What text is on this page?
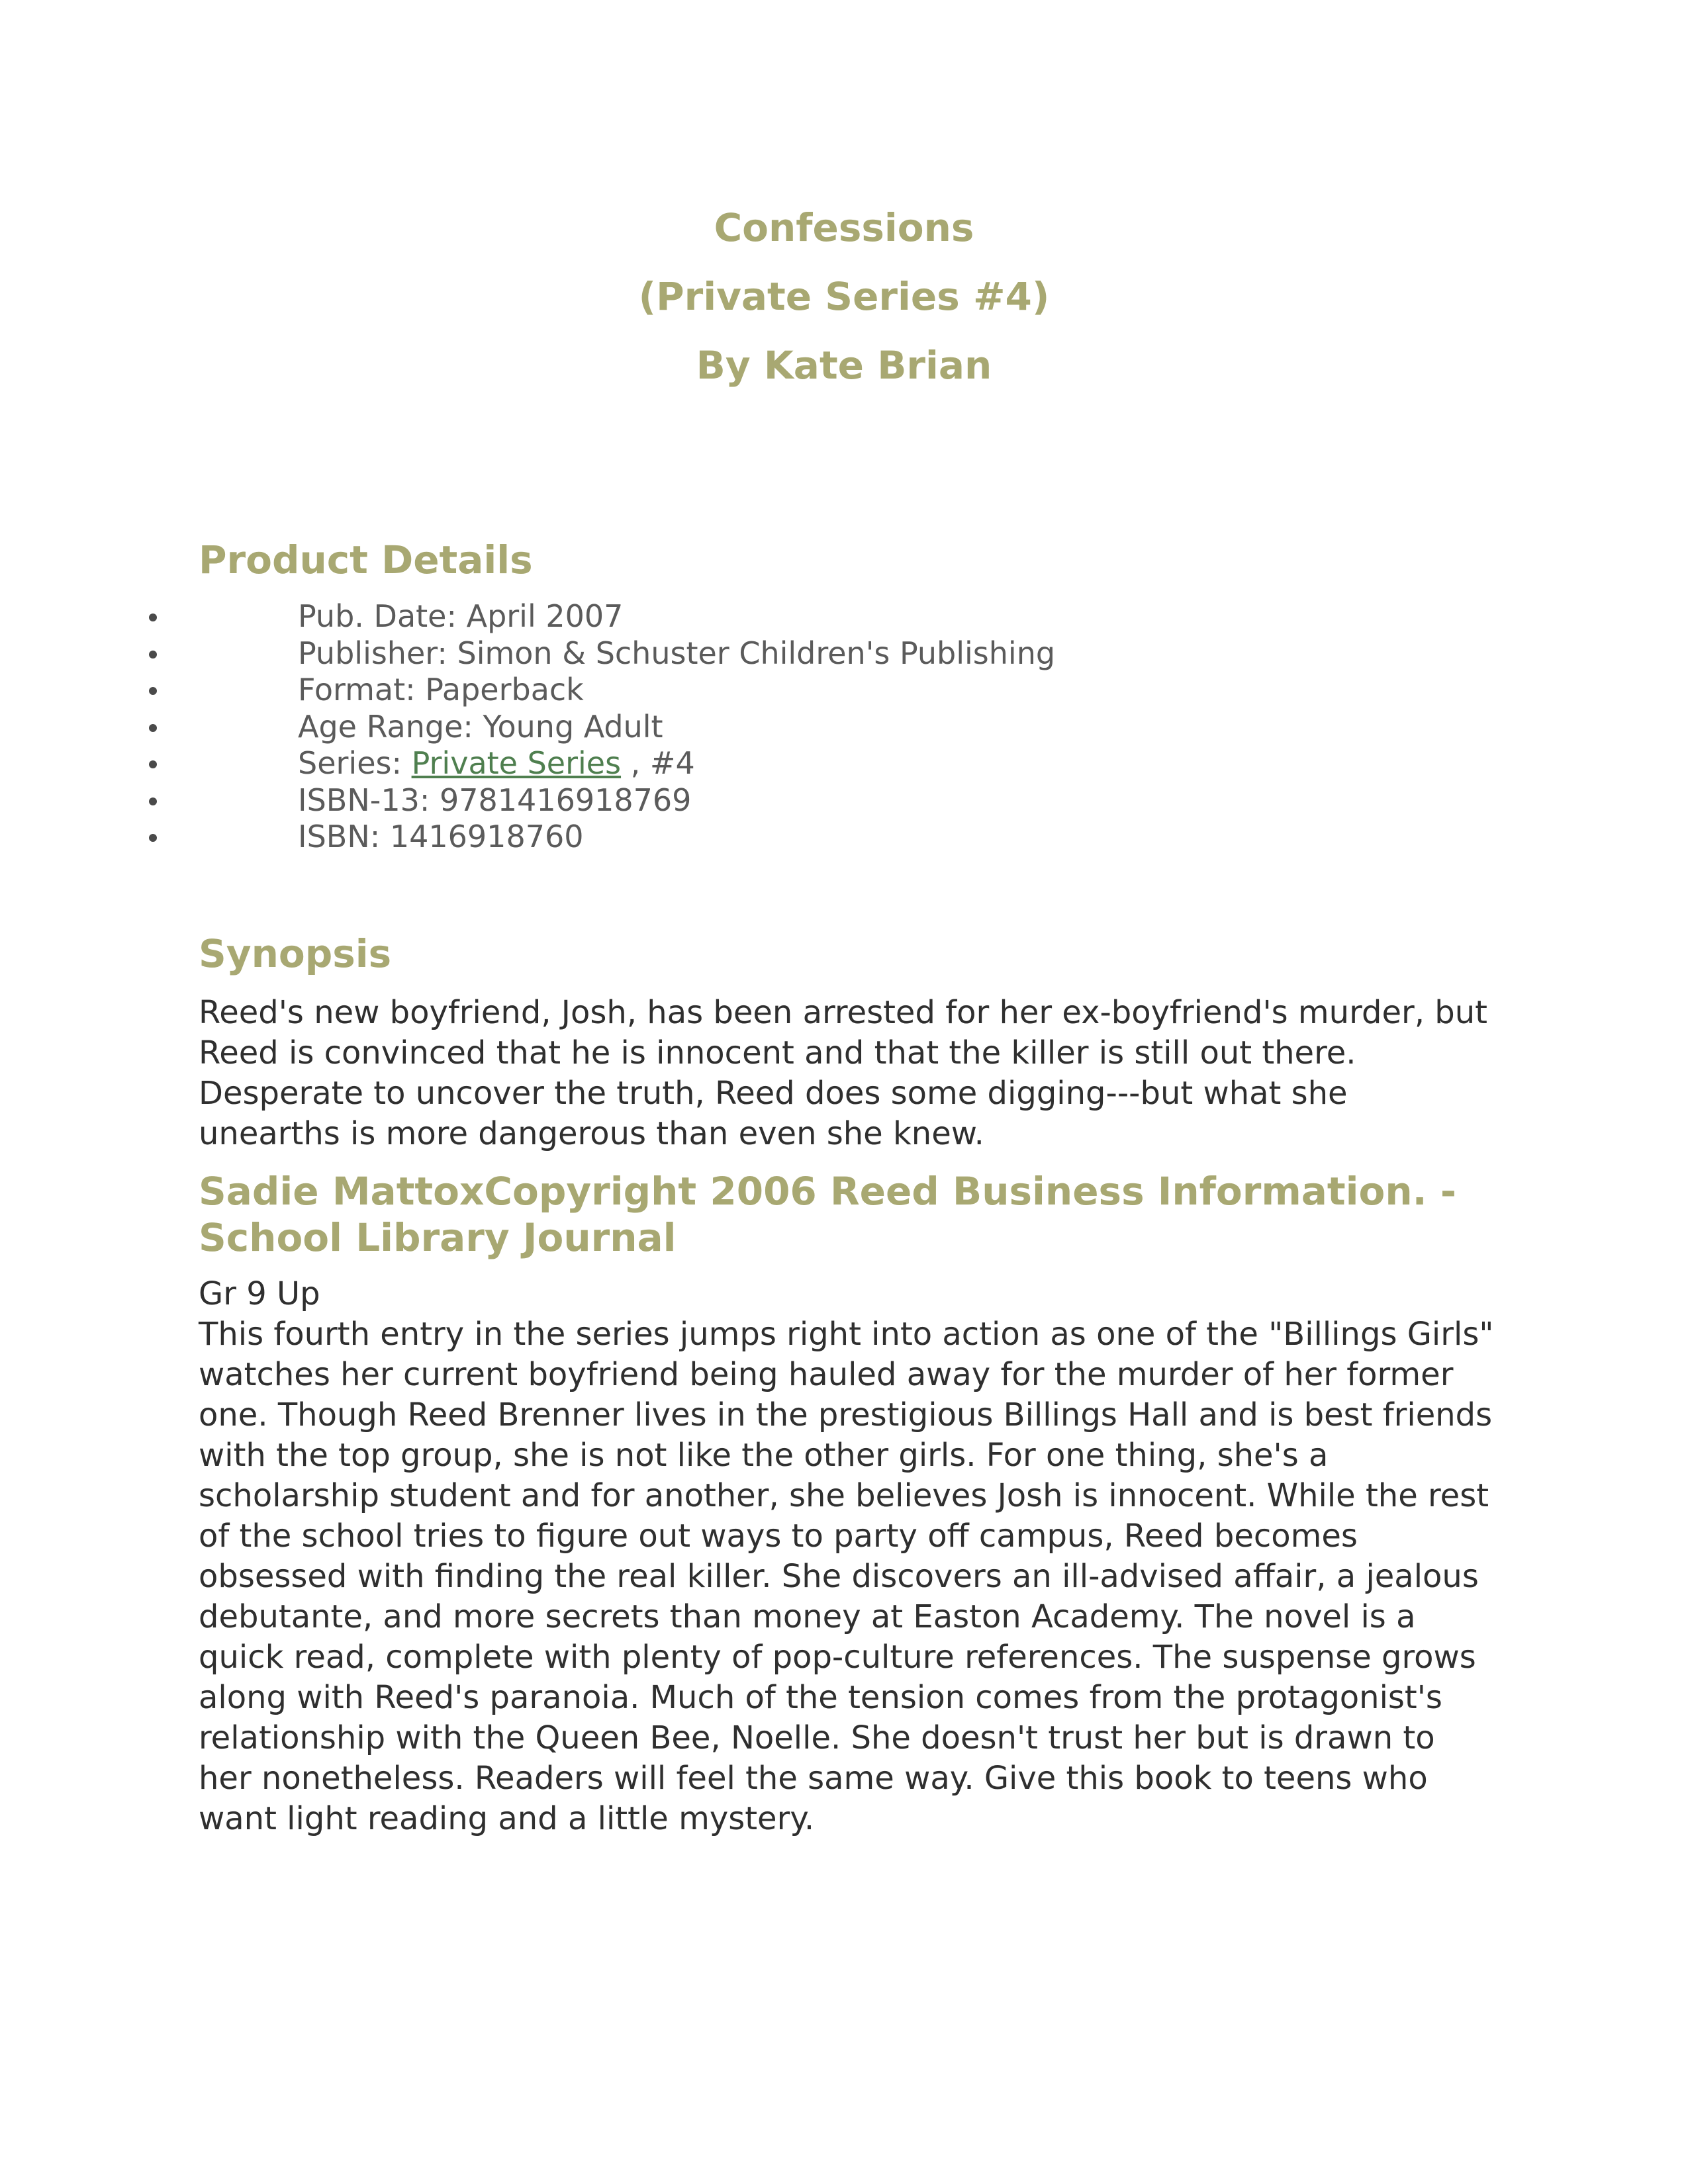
Confessions
(Private Series #4)
By Kate Brian
Product Details
Pub. Date: April 2007
Publisher: Simon & Schuster Children's Publishing
Format: Paperback
Age Range: Young Adult
Series: Private Series , #4
ISBN-13: 9781416918769
ISBN: 1416918760
Synopsis

Reed's new boyfriend, Josh, has been arrested for her ex-boyfriend's murder, but Reed is convinced that he is innocent and that the killer is still out there. Desperate to uncover the truth, Reed does some digging---but what she unearths is more dangerous than even she knew.

Sadie MattoxCopyright 2006 Reed Business Information. - School Library Journal

Gr 9 Up

This fourth entry in the series jumps right into action as one of the "Billings Girls" watches her current boyfriend being hauled away for the murder of her former one. Though Reed Brenner lives in the prestigious Billings Hall and is best friends with the top group, she is not like the other girls. For one thing, she's a scholarship student and for another, she believes Josh is innocent. While the rest of the school tries to figure out ways to party off campus, Reed becomes obsessed with finding the real killer. She discovers an ill-advised affair, a jealous debutante, and more secrets than money at Easton Academy. The novel is a quick read, complete with plenty of pop-culture references. The suspense grows along with Reed's paranoia. Much of the tension comes from the protagonist's relationship with the Queen Bee, Noelle. She doesn't trust her but is drawn to her nonetheless. Readers will feel the same way. Give this book to teens who want light reading and a little mystery.
